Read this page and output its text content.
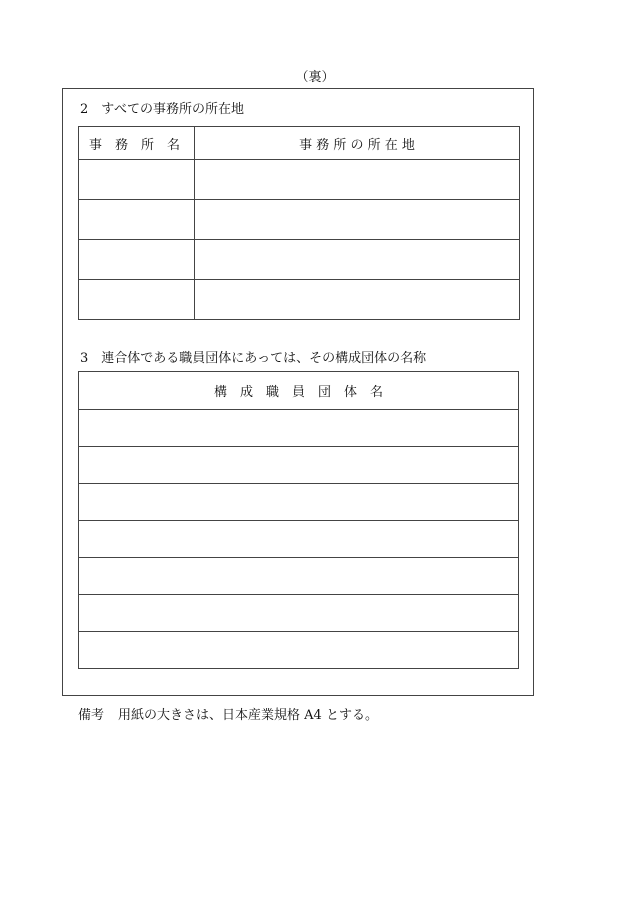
（裏）
2　すべての事務所の所在地
事　務　所　名	事 務 所 の 所 在 地

3　連合体である職員団体にあっては、その構成団体の名称
構　成　職　員　団　体　名

備考 用紙の大きさは、日本産業規格 A4 とする。
